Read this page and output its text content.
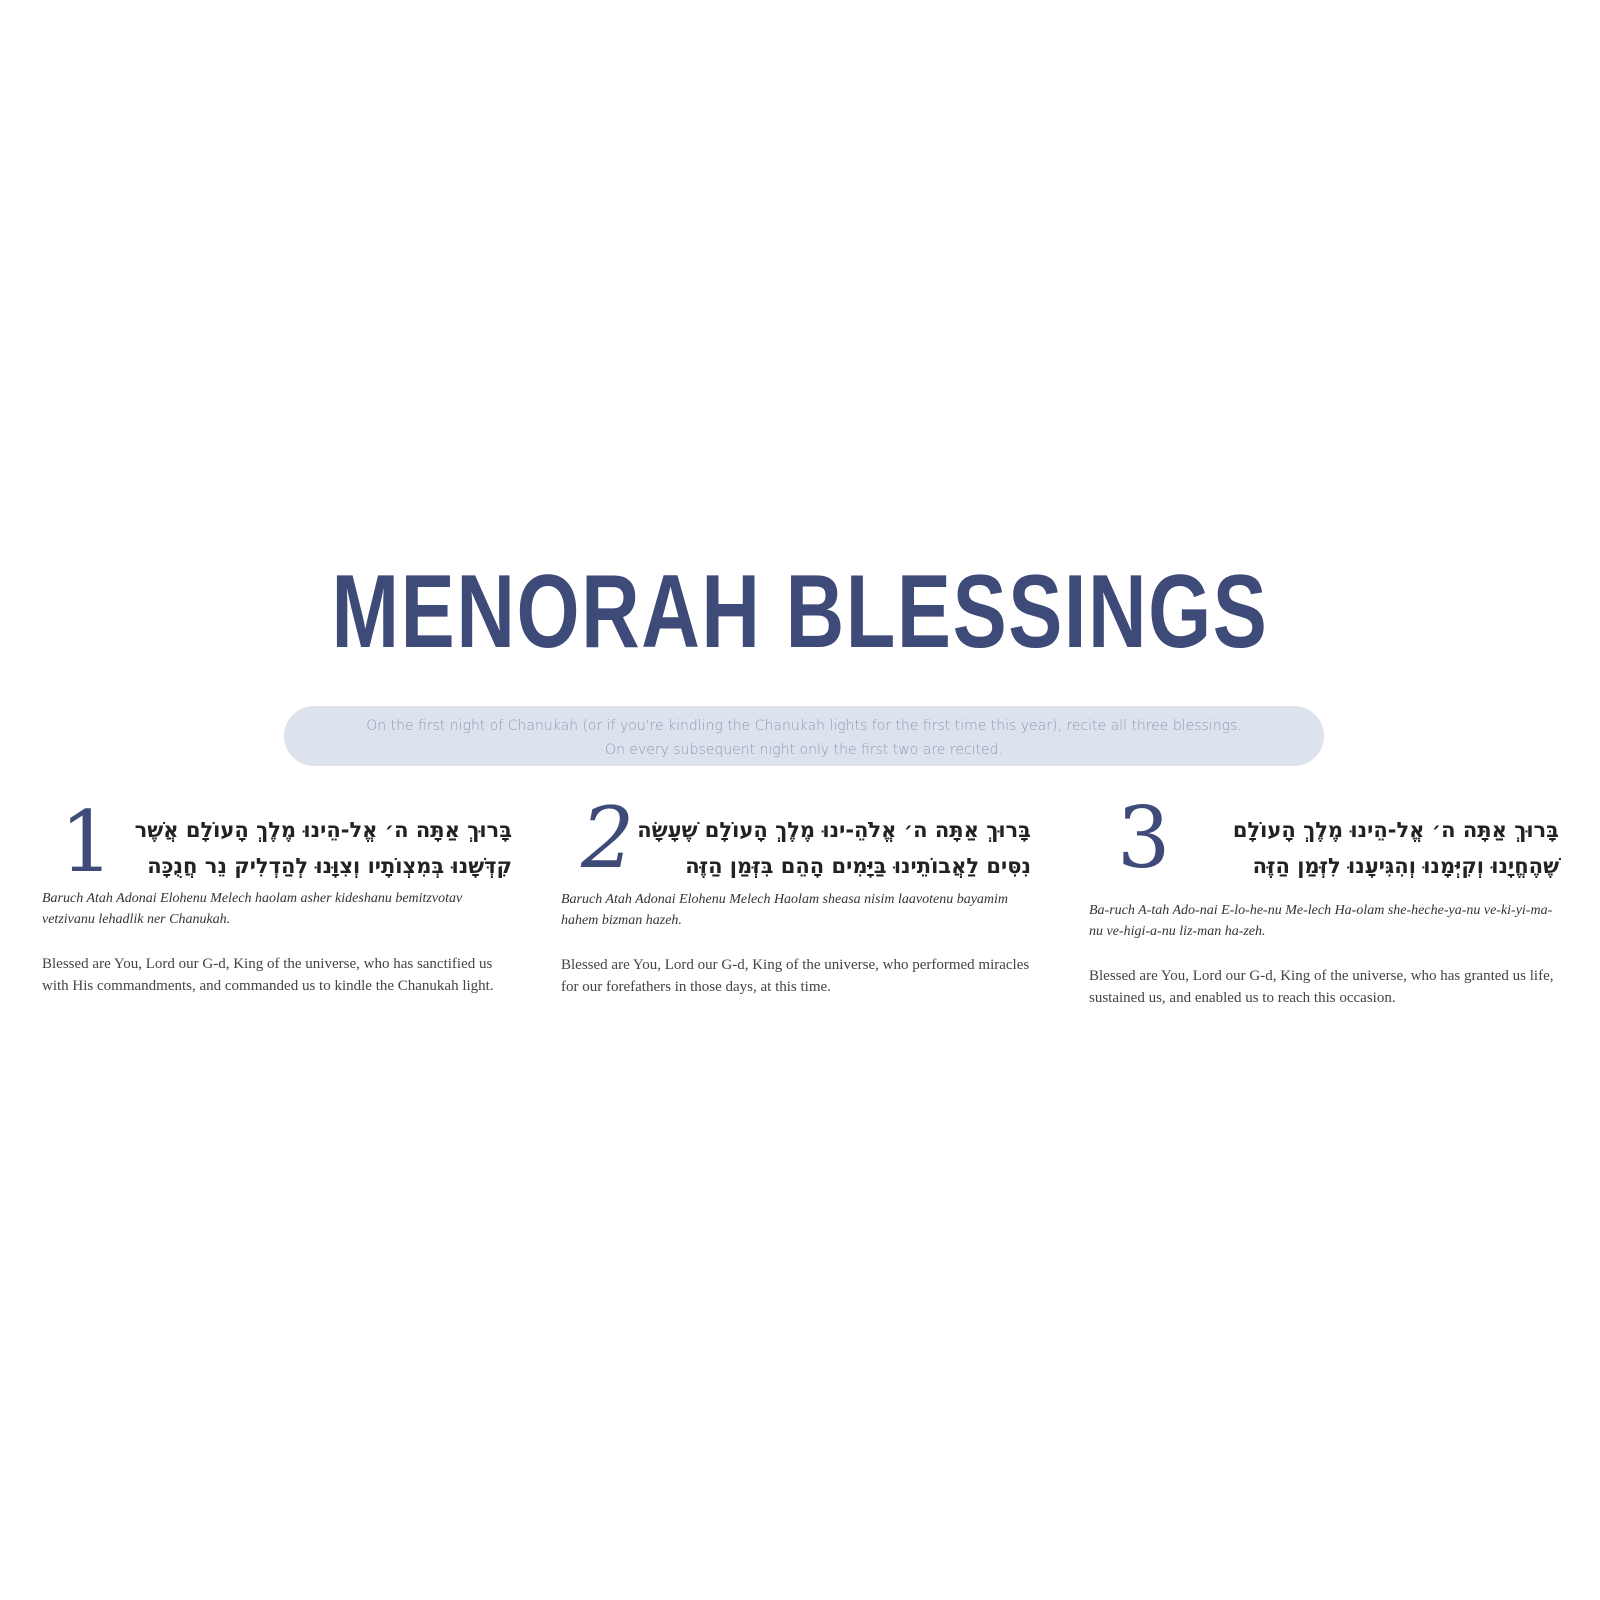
MENORAH BLESSINGS
On the first night of Chanukah (or if you're kindling the Chanukah lights for the first time this year), recite all three blessings.
On every subsequent night only the first two are recited.
1 בָּרוּךְ אַתָּה ה׳ אֱל-הֵינוּ מֶלֶךְ הָעוֹלָם אֲשֶׁר
קִדְּשָׁנוּ בְּמִצְוֹתָיו וְצִוָּנוּ לְהַדְלִיק נֵר חֲנֻכָּה
Baruch Atah Adonai Elohenu Melech haolam asher kideshanu bemitzvotav vetzivanu lehadlik ner Chanukah.
Blessed are You, Lord our G-d, King of the universe, who has sanctified us with His commandments, and commanded us to kindle the Chanukah light.
2 בָּרוּךְ אַתָּה ה׳ אֱלֹהֵ-ינוּ מֶלֶךְ הָעוֹלָם שֶׁעָשָׂה
נִסִּים לַאֲבוֹתֵינוּ בַּיָּמִים הָהֵם בִּזְּמַן הַזֶּה
Baruch Atah Adonai Elohenu Melech Haolam sheasa nisim laavotenu bayamim hahem bizman hazeh.
Blessed are You, Lord our G-d, King of the universe, who performed miracles for our forefathers in those days, at this time.
3	בָּרוּךְ אַתָּה ה׳ אֱל-הֵינוּ מֶלֶךְ הָעוֹלָם
שֶׁהֶחֱיָנוּ וְקִיְּמָנוּ וְהִגִּיעָנוּ לִזְּמַן הַזֶּה
Ba-ruch A-tah Ado-nai E-lo-he-nu Me-lech Ha-olam she-heche-ya-nu ve-ki-yi-ma-nu ve-higi-a-nu liz-man ha-zeh.
Blessed are You, Lord our G-d, King of the universe, who has granted us life, sustained us, and enabled us to reach this occasion.
